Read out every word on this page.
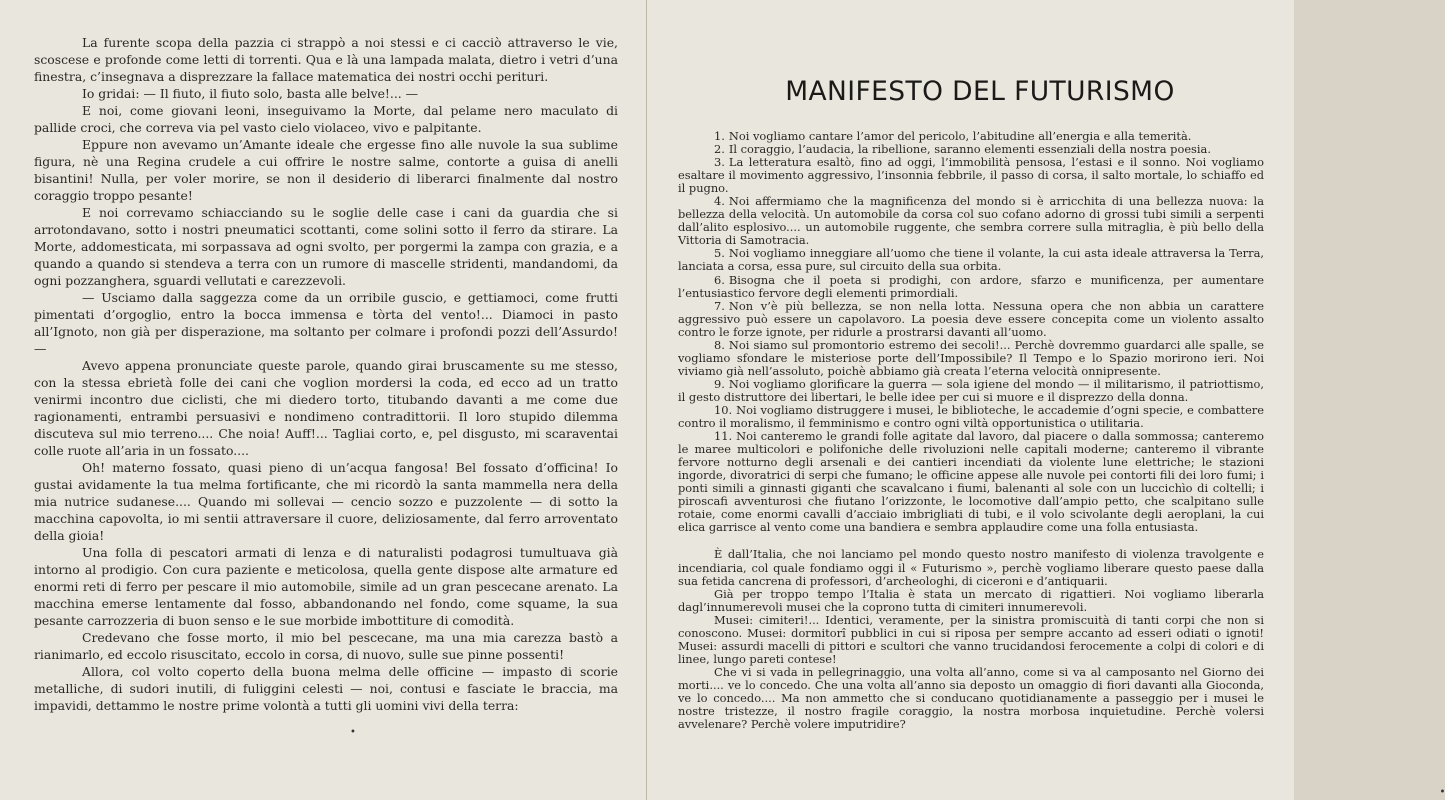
La furente scopa della pazzia ci strappò a noi stessi e ci cacciò attraverso le vie, scoscese e profonde come letti di torrenti. Qua e là una lampada malata, dietro i vetri d’una finestra, c’insegnava a disprezzare la fallace matematica dei nostri occhi perituri.

Io gridai: — Il fiuto, il fiuto solo, basta alle belve!... —

E noi, come giovani leoni, inseguivamo la Morte, dal pelame nero maculato di pallide croci, che correva via pel vasto cielo violaceo, vivo e palpitante.

Eppure non avevamo un’Amante ideale che ergesse fino alle nuvole la sua sublime figura, nè una Regina crudele a cui offrire le nostre salme, contorte a guisa di anelli bisantini! Nulla, per voler morire, se non il desiderio di liberarci finalmente dal nostro coraggio troppo pesante!

E noi correvamo schiacciando su le soglie delle case i cani da guardia che si arrotondavano, sotto i nostri pneumatici scottanti, come solini sotto il ferro da stirare. La Morte, addomesticata, mi sorpassava ad ogni svolto, per porgermi la zampa con grazia, e a quando a quando si stendeva a terra con un rumore di mascelle stridenti, mandandomi, da ogni pozzanghera, sguardi vellutati e carezzevoli.

— Usciamo dalla saggezza come da un orribile guscio, e gettiamoci, come frutti pimentati d’orgoglio, entro la bocca immensa e tòrta del vento!... Diamoci in pasto all’Ignoto, non già per disperazione, ma soltanto per colmare i profondi pozzi dell’Assurdo! —

Avevo appena pronunciate queste parole, quando girai bruscamente su me stesso, con la stessa ebrietà folle dei cani che voglion mordersi la coda, ed ecco ad un tratto venirmi incontro due ciclisti, che mi diedero torto, titubando davanti a me come due ragionamenti, entrambi persuasivi e nondimeno contradittorii. Il loro stupido dilemma discuteva sul mio terreno.... Che noia! Auff!... Tagliai corto, e, pel disgusto, mi scaraventai colle ruote all’aria in un fossato....

Oh! materno fossato, quasi pieno di un’acqua fangosa! Bel fossato d’officina! Io gustai avidamente la tua melma fortificante, che mi ricordò la santa mammella nera della mia nutrice sudanese.... Quando mi sollevai — cencio sozzo e puzzolente — di sotto la macchina capovolta, io mi sentii attraversare il cuore, deliziosamente, dal ferro arroventato della gioia!

Una folla di pescatori armati di lenza e di naturalisti podagrosi tumultuava già intorno al prodigio. Con cura paziente e meticolosa, quella gente dispose alte armature ed enormi reti di ferro per pescare il mio automobile, simile ad un gran pescecane arenato. La macchina emerse lentamente dal fosso, abbandonando nel fondo, come squame, la sua pesante carrozzeria di buon senso e le sue morbide imbottiture di comodità.

Credevano che fosse morto, il mio bel pescecane, ma una mia carezza bastò a rianimarlo, ed eccolo risuscitato, eccolo in corsa, di nuovo, sulle sue pinne possenti!

Allora, col volto coperto della buona melma delle officine — impasto di scorie metalliche, di sudori inutili, di fuliggini celesti — noi, contusi e fasciate le braccia, ma impavidi, dettammo le nostre prime volontà a tutti gli uomini vivi della terra:

•
•
MANIFESTO DEL FUTURISMO
1. Noi vogliamo cantare l’amor del pericolo, l’abitudine all’energia e alla temerità.
2. Il coraggio, l’audacia, la ribellione, saranno elementi essenziali della nostra poesia.
3. La letteratura esaltò, fino ad oggi, l’immobilità pensosa, l’estasi e il sonno. Noi vogliamo esaltare il movimento aggressivo, l’insonnia febbrile, il passo di corsa, il salto mortale, lo schiaffo ed il pugno.
4. Noi affermiamo che la magnificenza del mondo si è arricchita di una bellezza nuova: la bellezza della velocità. Un automobile da corsa col suo cofano adorno di grossi tubi simili a serpenti dall’alito esplosivo.... un automobile ruggente, che sembra correre sulla mitraglia, è più bello della Vittoria di Samotracia.
5. Noi vogliamo inneggiare all’uomo che tiene il volante, la cui asta ideale attraversa la Terra, lanciata a corsa, essa pure, sul circuito della sua orbita.
6. Bisogna che il poeta si prodighi, con ardore, sfarzo e munificenza, per aumentare l’entusiastico fervore degli elementi primordiali.
7. Non v’è più bellezza, se non nella lotta. Nessuna opera che non abbia un carattere aggressivo può essere un capolavoro. La poesia deve essere concepita come un violento assalto contro le forze ignote, per ridurle a prostrarsi davanti all’uomo.
8. Noi siamo sul promontorio estremo dei secoli!... Perchè dovremmo guardarci alle spalle, se vogliamo sfondare le misteriose porte dell’Impossibile? Il Tempo e lo Spazio morirono ieri. Noi viviamo già nell’assoluto, poichè abbiamo già creata l’eterna velocità onnipresente.
9. Noi vogliamo glorificare la guerra — sola igiene del mondo — il militarismo, il patriottismo, il gesto distruttore dei libertari, le belle idee per cui si muore e il disprezzo della donna.
10. Noi vogliamo distruggere i musei, le biblioteche, le accademie d’ogni specie, e combattere contro il moralismo, il femminismo e contro ogni viltà opportunistica o utilitaria.
11. Noi canteremo le grandi folle agitate dal lavoro, dal piacere o dalla sommossa; canteremo le maree multicolori e polifoniche delle rivoluzioni nelle capitali moderne; canteremo il vibrante fervore notturno degli arsenali e dei cantieri incendiati da violente lune elettriche; le stazioni ingorde, divoratrici di serpi che fumano; le officine appese alle nuvole pei contorti fili dei loro fumi; i ponti simili a ginnasti giganti che scavalcano i fiumi, balenanti al sole con un luccichìo di coltelli; i piroscafi avventurosi che fiutano l’orizzonte, le locomotive dall’ampio petto, che scalpitano sulle rotaie, come enormi cavalli d’acciaio imbrigliati di tubi, e il volo scivolante degli aeroplani, la cui elica garrisce al vento come una bandiera e sembra applaudire come una folla entusiasta.

È dall’Italia, che noi lanciamo pel mondo questo nostro manifesto di violenza travolgente e incendiaria, col quale fondiamo oggi il « Futurismo », perchè vogliamo liberare questo paese dalla sua fetida cancrena di professori, d’archeologhi, di ciceroni e d’antiquarii.

Già per troppo tempo l’Italia è stata un mercato di rigattieri. Noi vogliamo liberarla dagl’innumerevoli musei che la coprono tutta di cimiteri innumerevoli.

Musei: cimiteri!... Identici, veramente, per la sinistra promiscuità di tanti corpi che non si conoscono. Musei: dormitorî pubblici in cui si riposa per sempre accanto ad esseri odiati o ignoti! Musei: assurdi macelli di pittori e scultori che vanno trucidandosi ferocemente a colpi di colori e di linee, lungo pareti contese!

Che vi si vada in pellegrinaggio, una volta all’anno, come si va al camposanto nel Giorno dei morti.... ve lo concedo. Che una volta all’anno sia deposto un omaggio di fiori davanti alla Gioconda, ve lo concedo.... Ma non ammetto che si conducano quotidianamente a passeggio per i musei le nostre tristezze, il nostro fragile coraggio, la nostra morbosa inquietudine. Perchè volersi avvelenare? Perchè volere imputridire?
